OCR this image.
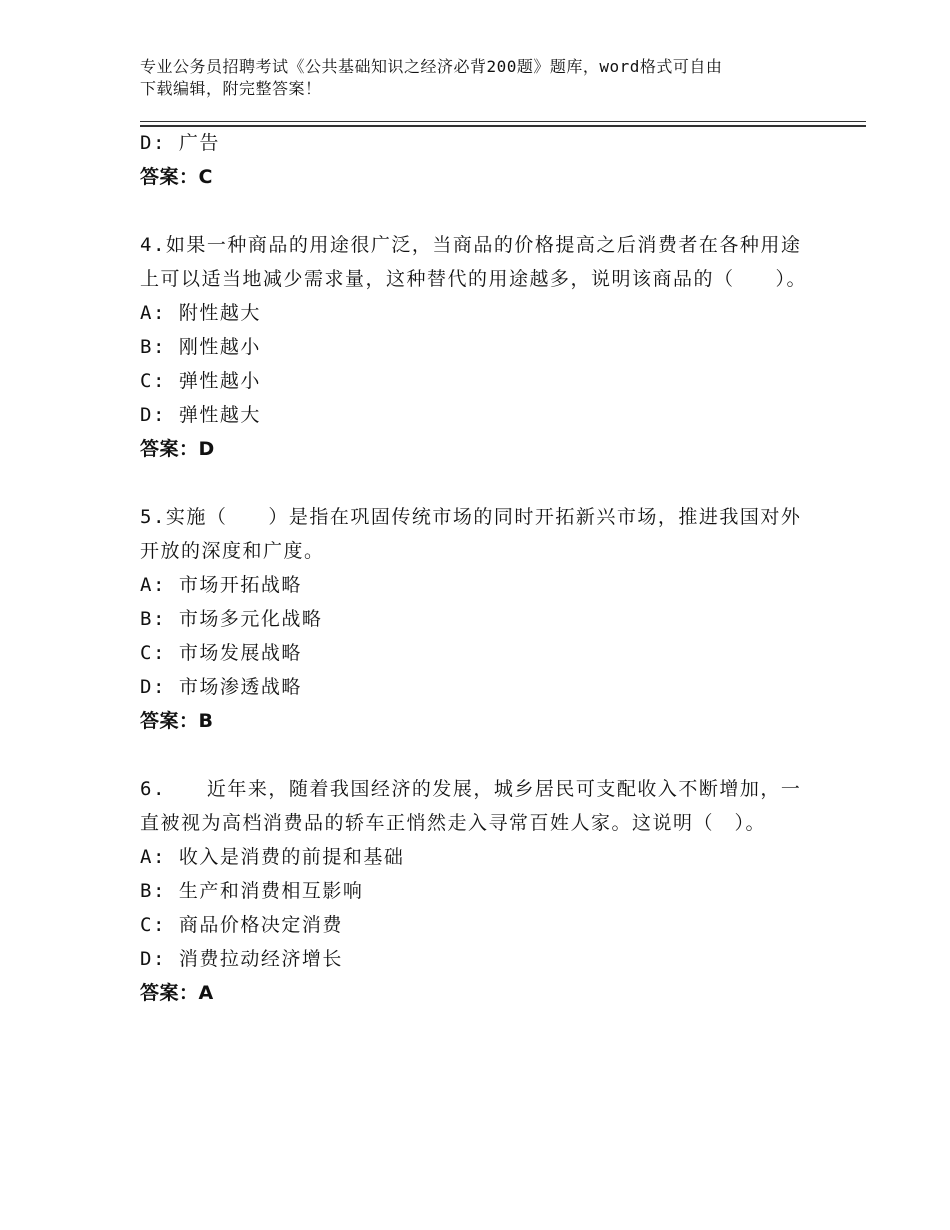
专业公务员招聘考试《公共基础知识之经济必背200题》题库，word格式可自由
下载编辑，附完整答案！
D: 广告
答案：C
4.如果一种商品的用途很广泛，当商品的价格提高之后消费者在各种用途上可以适当地减少需求量，这种替代的用途越多，说明该商品的（　　）。
A: 附性越大
B: 刚性越小
C: 弹性越小
D: 弹性越大
答案：D
5.实施（　　）是指在巩固传统市场的同时开拓新兴市场，推进我国对外开放的深度和广度。
A: 市场开拓战略
B: 市场多元化战略
C: 市场发展战略
D: 市场渗透战略
答案：B
6.　　近年来，随着我国经济的发展，城乡居民可支配收入不断增加，一直被视为高档消费品的轿车正悄然走入寻常百姓人家。这说明（　）。
A: 收入是消费的前提和基础
B: 生产和消费相互影响
C: 商品价格决定消费
D: 消费拉动经济增长
答案：A
